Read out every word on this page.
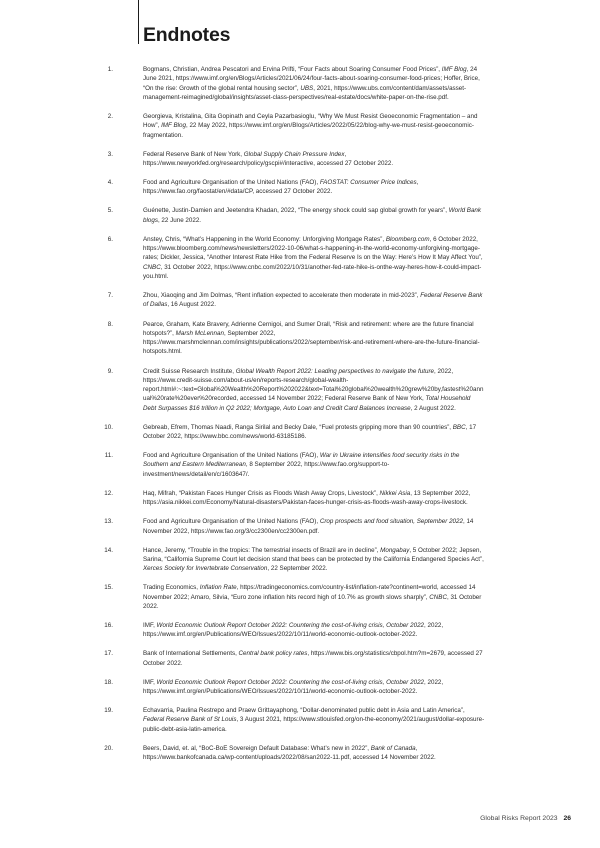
Endnotes
1.	Bogmans, Christian, Andrea Pescatori and Ervina Prifti, “Four Facts about Soaring Consumer Food Prices”, IMF Blog, 24 June 2021, https://www.imf.org/en/Blogs/Articles/2021/06/24/four-facts-about-soaring-consumer-food-prices; Hoffer, Brice, “On the rise: Growth of the global rental housing sector”, UBS, 2021, https://www.ubs.com/content/dam/assets/asset-management-reimagined/global/insights/asset-class-perspectives/real-estate/docs/white-paper-on-the-rise.pdf.
2.	Georgieva, Kristalina, Gita Gopinath and Ceyla Pazarbasioglu, “Why We Must Resist Geoeconomic Fragmentation – and How”, IMF Blog, 22 May 2022, https://www.imf.org/en/Blogs/Articles/2022/05/22/blog-why-we-must-resist-geoeconomic-fragmentation.
3.	Federal Reserve Bank of New York, Global Supply Chain Pressure Index, https://www.newyorkfed.org/research/policy/gscpi#/interactive, accessed 27 October 2022.
4.	Food and Agriculture Organisation of the United Nations (FAO), FAOSTAT: Consumer Price Indices, https://www.fao.org/faostat/en/#data/CP, accessed 27 October 2022.
5.	Guénette, Justin-Damien and Jeetendra Khadan, 2022, “The energy shock could sap global growth for years”, World Bank blogs, 22 June 2022.
6.	Anstey, Chris, “What’s Happening in the World Economy: Unforgiving Mortgage Rates”, Bloomberg.com, 6 October 2022, https://www.bloomberg.com/news/newsletters/2022-10-06/what-s-happening-in-the-world-economy-unforgiving-mortgage-rates; Dickler, Jessica, “Another Interest Rate Hike from the Federal Reserve Is on the Way: Here’s How It May Affect You”, CNBC, 31 October 2022, https://www.cnbc.com/2022/10/31/another-fed-rate-hike-is-onthe-way-heres-how-it-could-impact-you.html.
7.	Zhou, Xiaoqing and Jim Dolmas, “Rent inflation expected to accelerate then moderate in mid-2023”, Federal Reserve Bank of Dallas, 16 August 2022.
8.	Pearce, Graham, Kate Bravery, Adrienne Cernigoi, and Sumer Drall, “Risk and retirement: where are the future financial hotspots?”, Marsh McLennan, September 2022, https://www.marshmclennan.com/insights/publications/2022/september/risk-and-retirement-where-are-the-future-financial-hotspots.html.
9.	Credit Suisse Research Institute, Global Wealth Report 2022: Leading perspectives to navigate the future, 2022, https://www.credit-suisse.com/about-us/en/reports-research/global-wealth-report.html#:~:text=Global%20Wealth%20Report%202022&text=Total%20global%20wealth%20grew%20by,fastest%20annual%20rate%20ever%20recorded, accessed 14 November 2022; Federal Reserve Bank of New York, Total Household Debt Surpasses $16 trillion in Q2 2022; Mortgage, Auto Loan and Credit Card Balances Increase, 2 August 2022.
10.	Gebreab, Efrem, Thomas Naadi, Ranga Sirilal and Becky Dale, “Fuel protests gripping more than 90 countries”, BBC, 17 October 2022, https://www.bbc.com/news/world-63185186.
11.	Food and Agriculture Organisation of the United Nations (FAO), War in Ukraine intensifies food security risks in the Southern and Eastern Mediterranean, 8 September 2022, https://www.fao.org/support-to-investment/news/detail/en/c/1603647/.
12.	Haq, Mifrah, “Pakistan Faces Hunger Crisis as Floods Wash Away Crops, Livestock”, Nikkei Asia, 13 September 2022, https://asia.nikkei.com/Economy/Natural-disasters/Pakistan-faces-hunger-crisis-as-floods-wash-away-crops-livestock.
13.	Food and Agriculture Organisation of the United Nations (FAO), Crop prospects and food situation, September 2022, 14 November 2022, https://www.fao.org/3/cc2300en/cc2300en.pdf.
14.	Hance, Jeremy, “Trouble in the tropics: The terrestrial insects of Brazil are in decline”, Mongabay, 5 October 2022; Jepsen, Sarina, “California Supreme Court let decision stand that bees can be protected by the California Endangered Species Act”, Xerces Society for Invertebrate Conservation, 22 September 2022.
15.	Trading Economics, Inflation Rate, https://tradingeconomics.com/country-list/inflation-rate?continent=world, accessed 14 November 2022; Amaro, Silvia, “Euro zone inflation hits record high of 10.7% as growth slows sharply”, CNBC, 31 October 2022.
16.	IMF, World Economic Outlook Report October 2022: Countering the cost-of-living crisis, October 2022, 2022, https://www.imf.org/en/Publications/WEO/Issues/2022/10/11/world-economic-outlook-october-2022.
17.	Bank of International Settlements, Central bank policy rates, https://www.bis.org/statistics/cbpol.htm?m=2679, accessed 27 October 2022.
18.	IMF, World Economic Outlook Report October 2022: Countering the cost-of-living crisis, October 2022, 2022, https://www.imf.org/en/Publications/WEO/Issues/2022/10/11/world-economic-outlook-october-2022.
19.	Echavarria, Paulina Restrepo and Praew Grittayaphong, “Dollar-denominated public debt in Asia and Latin America”, Federal Reserve Bank of St Louis, 3 August 2021, https://www.stlouisfed.org/on-the-economy/2021/august/dollar-exposure-public-debt-asia-latin-america.
20.	Beers, David, et. al, “BoC-BoE Sovereign Default Database: What’s new in 2022”, Bank of Canada, https://www.bankofcanada.ca/wp-content/uploads/2022/08/san2022-11.pdf, accessed 14 November 2022.
Global Risks Report 2023 26
